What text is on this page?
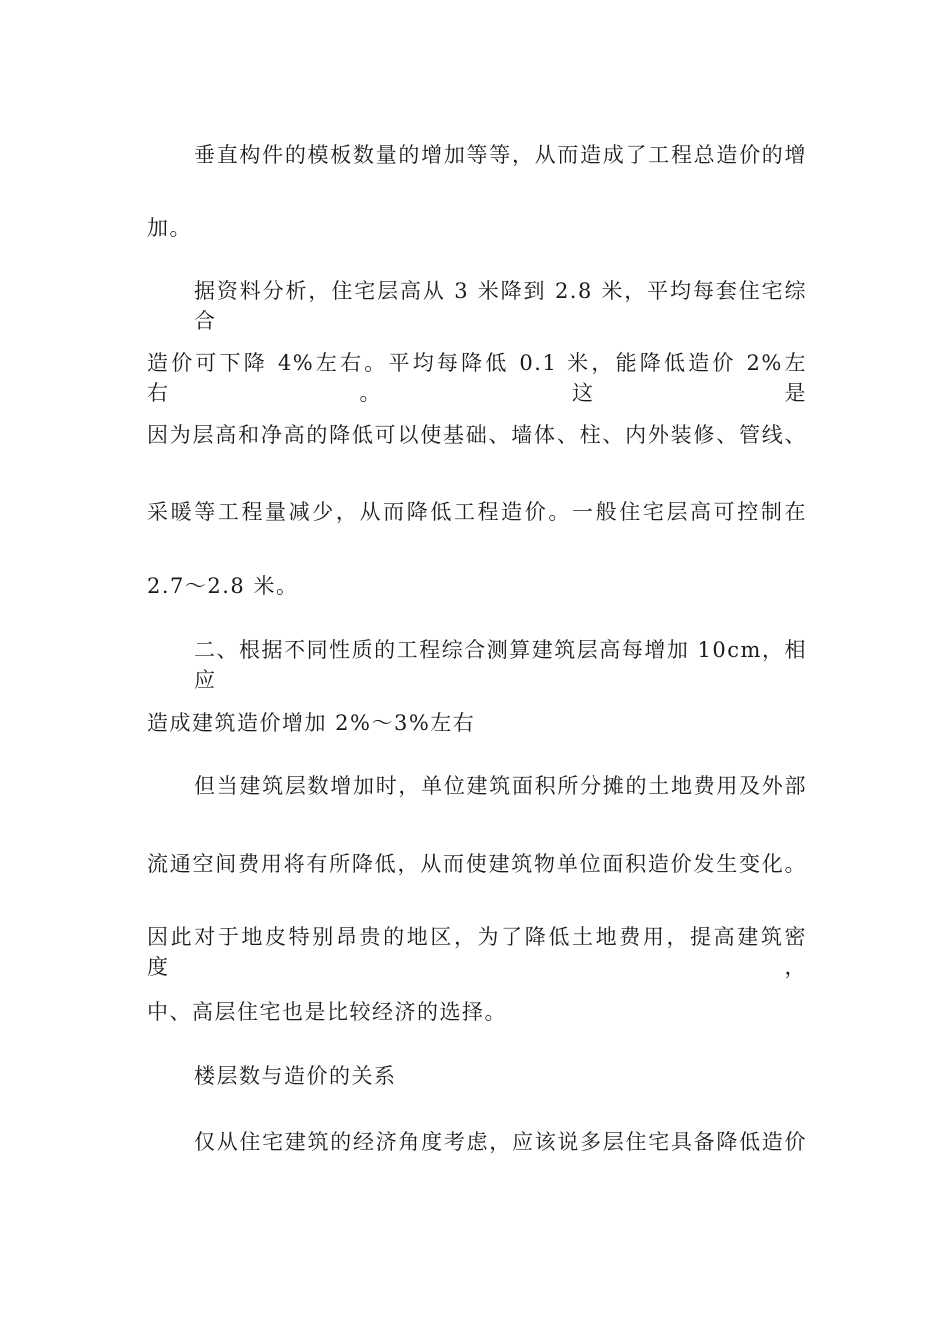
垂直构件的模板数量的增加等等，从而造成了工程总造价的增
加。
据资料分析，住宅层高从 3 米降到 2.8 米，平均每套住宅综合
造价可下降 4%左右。平均每降低 0.1 米，能降低造价 2%左右。这是
因为层高和净高的降低可以使基础、墙体、柱、内外装修、管线、
采暖等工程量减少，从而降低工程造价。一般住宅层高可控制在
2.7～2.8 米。
二、根据不同性质的工程综合测算建筑层高每增加 10cm，相应
造成建筑造价增加 2%～3%左右
但当建筑层数增加时，单位建筑面积所分摊的土地费用及外部
流通空间费用将有所降低，从而使建筑物单位面积造价发生变化。
因此对于地皮特别昂贵的地区，为了降低土地费用，提高建筑密度，
中、高层住宅也是比较经济的选择。
楼层数与造价的关系
仅从住宅建筑的经济角度考虑，应该说多层住宅具备降低造价
